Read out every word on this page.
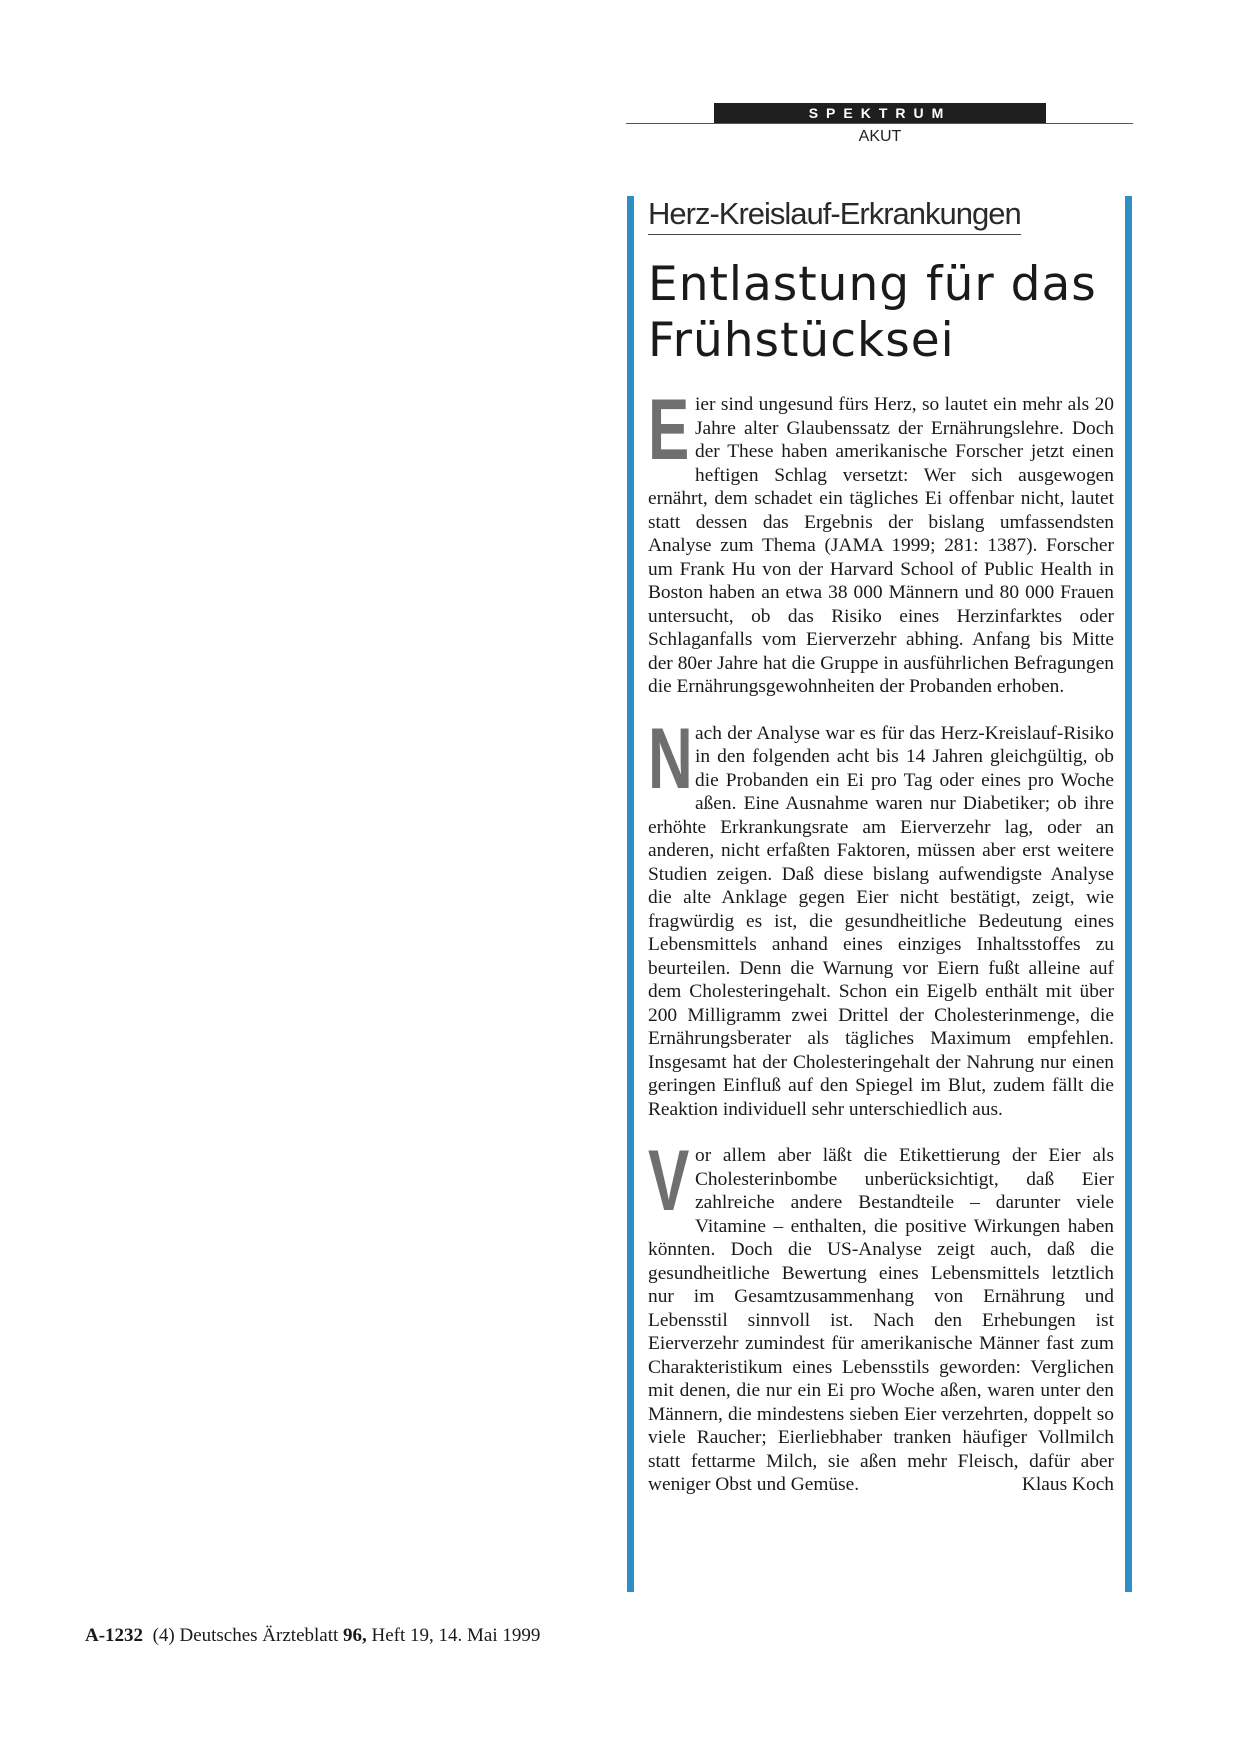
SPEKTRUM
AKUT
Herz-Kreislauf-Erkrankungen
Entlastung für das
Frühstücksei

Eier sind ungesund fürs Herz, so lautet ein mehr als 20 Jahre alter Glaubenssatz der Ernährungslehre. Doch der These haben amerikanische Forscher jetzt einen heftigen Schlag versetzt: Wer sich ausgewogen ernährt, dem schadet ein tägliches Ei offenbar nicht, lautet statt dessen das Ergebnis der bislang umfassendsten Analyse zum Thema (JAMA 1999; 281: 1387). Forscher um Frank Hu von der Harvard School of Public Health in Boston haben an etwa 38 000 Männern und 80 000 Frauen untersucht, ob das Risiko eines Herzinfarktes oder Schlaganfalls vom Eierverzehr abhing. Anfang bis Mitte der 80er Jahre hat die Gruppe in ausführlichen Befragungen die Ernährungsgewohnheiten der Probanden erhoben.

Nach der Analyse war es für das Herz-Kreislauf-Risiko in den folgenden acht bis 14 Jahren gleichgültig, ob die Probanden ein Ei pro Tag oder eines pro Woche aßen. Eine Ausnahme waren nur Diabetiker; ob ihre erhöhte Erkrankungsrate am Eierverzehr lag, oder an anderen, nicht erfaßten Faktoren, müssen aber erst weitere Studien zeigen. Daß diese bislang aufwendigste Analyse die alte Anklage gegen Eier nicht bestätigt, zeigt, wie fragwürdig es ist, die gesundheitliche Bedeutung eines Lebensmittels anhand eines einziges Inhaltsstoffes zu beurteilen. Denn die Warnung vor Eiern fußt alleine auf dem Cholesteringehalt. Schon ein Eigelb enthält mit über 200 Milligramm zwei Drittel der Cholesterinmenge, die Ernährungsberater als tägliches Maximum empfehlen. Insgesamt hat der Cholesteringehalt der Nahrung nur einen geringen Einfluß auf den Spiegel im Blut, zudem fällt die Reaktion individuell sehr unterschiedlich aus.

Vor allem aber läßt die Etikettierung der Eier als Cholesterinbombe unberücksichtigt, daß Eier zahlreiche andere Bestandteile – darunter viele Vitamine – enthalten, die positive Wirkungen haben könnten. Doch die US-Analyse zeigt auch, daß die gesundheitliche Bewertung eines Lebensmittels letztlich nur im Gesamtzusammenhang von Ernährung und Lebensstil sinnvoll ist. Nach den Erhebungen ist Eierverzehr zumindest für amerikanische Männer fast zum Charakteristikum eines Lebensstils geworden: Verglichen mit denen, die nur ein Ei pro Woche aßen, waren unter den Männern, die mindestens sieben Eier verzehrten, doppelt so viele Raucher; Eierliebhaber tranken häufiger Vollmilch statt fettarme Milch, sie aßen mehr Fleisch, dafür aber weniger Obst und Gemüse.	Klaus Koch

A-1232 (4) Deutsches Ärzteblatt 96, Heft 19, 14. Mai 1999
